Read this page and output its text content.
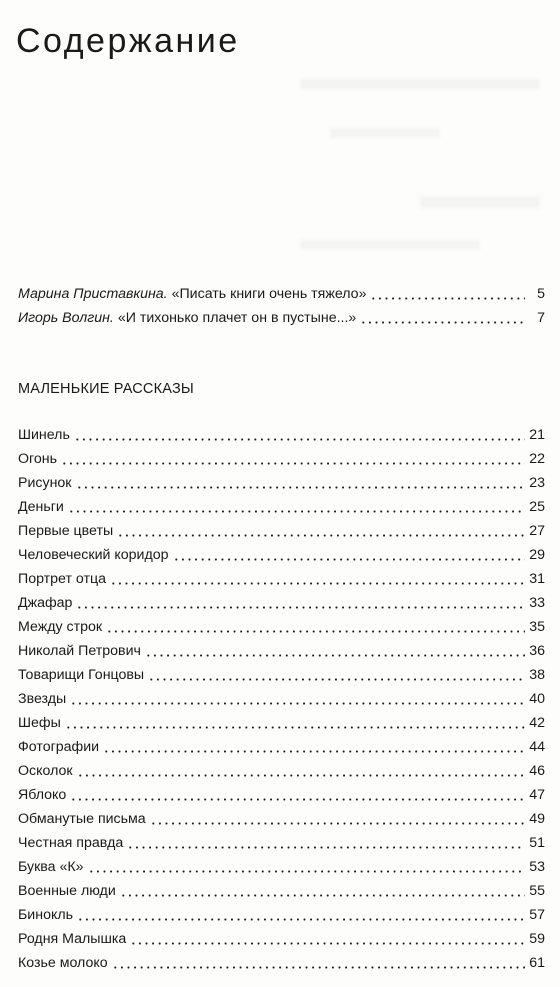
Содержание
Марина Приставкина. «Писать книги очень тяжело»	5
Игорь Волгин. «И тихонько плачет он в пустыне...»	7
МАЛЕНЬКИЕ РАССКАЗЫ
Шинель	21
Огонь	22
Рисунок	23
Деньги	25
Первые цветы	27
Человеческий коридор	29
Портрет отца	31
Джафар	33
Между строк	35
Николай Петрович	36
Товарищи Гонцовы	38
Звезды	40
Шефы	42
Фотографии	44
Осколок	46
Яблоко	47
Обманутые письма	49
Честная правда	51
Буква «К»	53
Военные люди	55
Бинокль	57
Родня Малышка	59
Козье молоко	61
